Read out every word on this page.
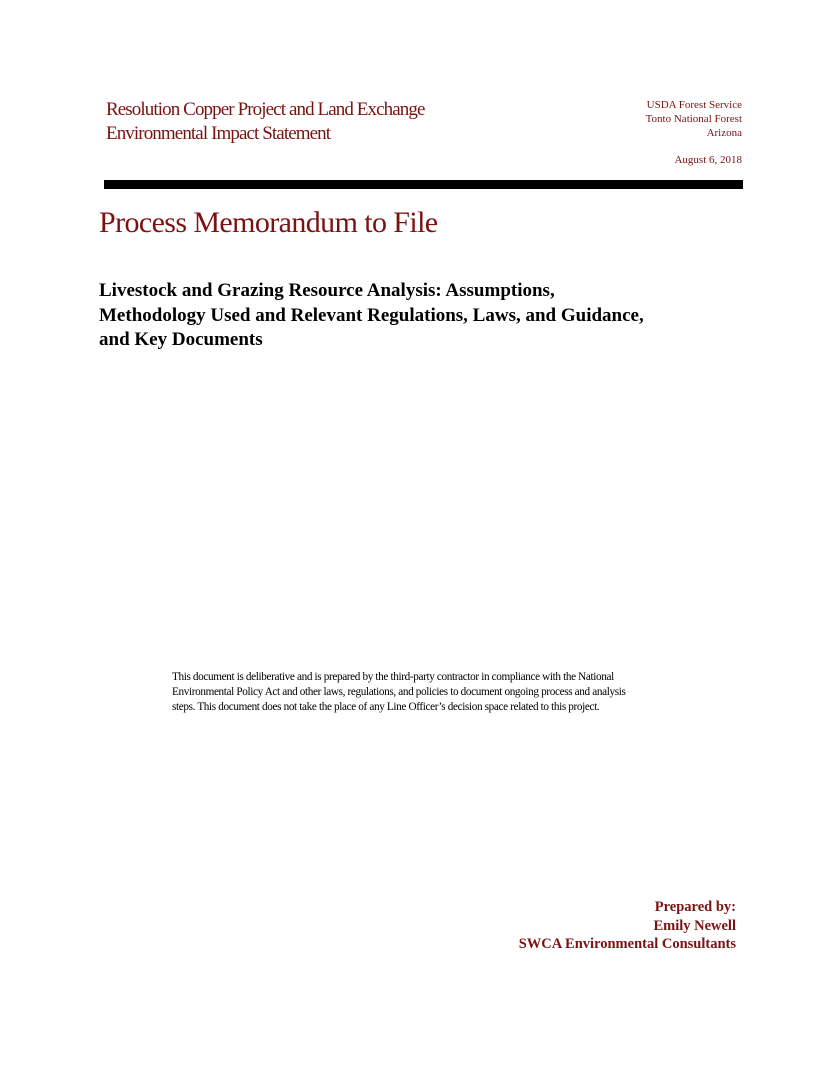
Resolution Copper Project and Land Exchange
Environmental Impact Statement
USDA Forest Service
Tonto National Forest
Arizona
August 6, 2018
Process Memorandum to File
Livestock and Grazing Resource Analysis: Assumptions,
Methodology Used and Relevant Regulations, Laws, and Guidance,
and Key Documents
This document is deliberative and is prepared by the third-party contractor in compliance with the National
Environmental Policy Act and other laws, regulations, and policies to document ongoing process and analysis
steps. This document does not take the place of any Line Officer’s decision space related to this project.
Prepared by:
Emily Newell
SWCA Environmental Consultants
